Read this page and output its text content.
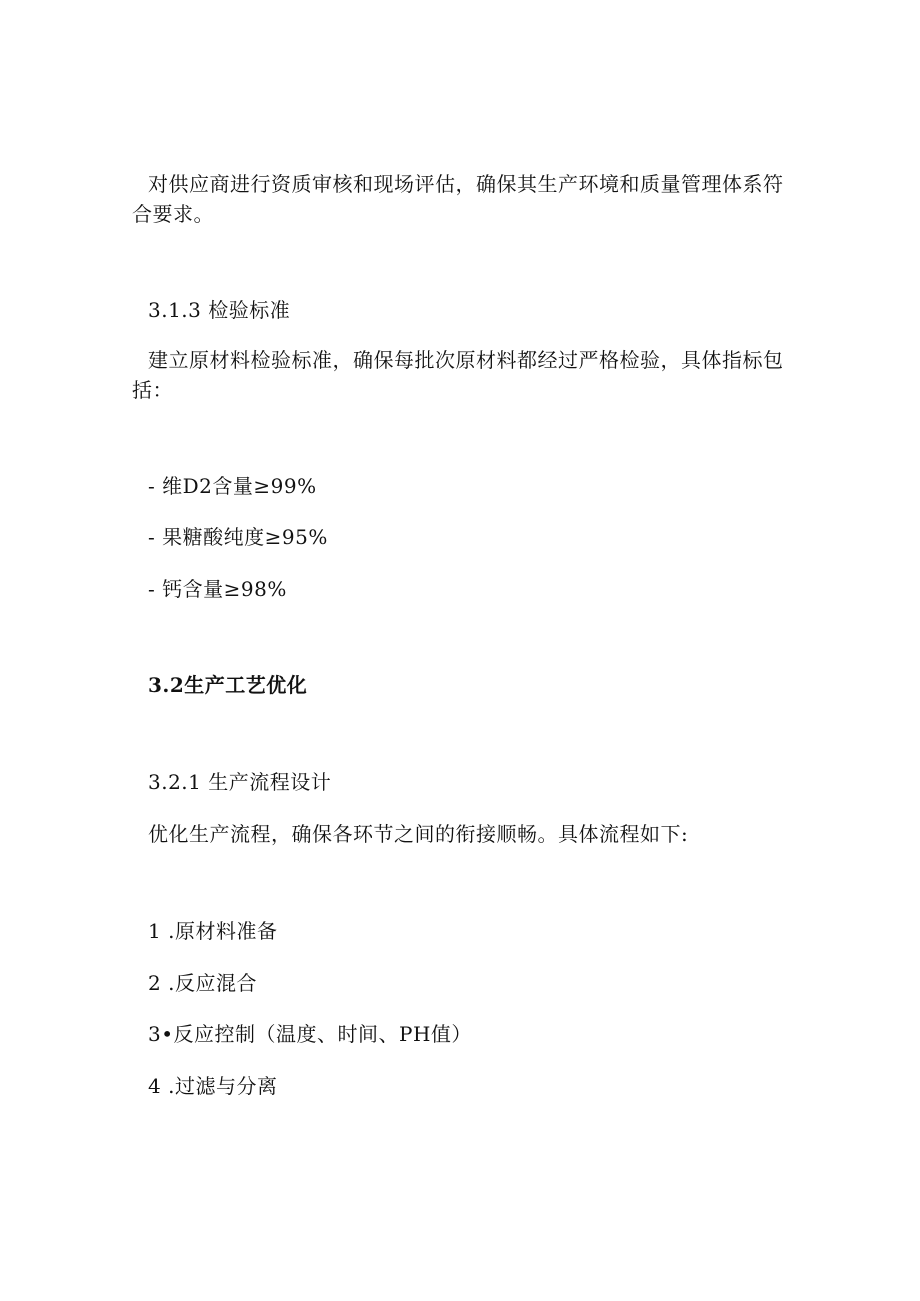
对供应商进行资质审核和现场评估，确保其生产环境和质量管理体系符
合要求。
3.1.3 检验标准
建立原材料检验标准，确保每批次原材料都经过严格检验，具体指标包
括：
- 维D2含量≥99%
- 果糖酸纯度≥95%
- 钙含量≥98%
3.2生产工艺优化
3.2.1 生产流程设计
优化生产流程，确保各环节之间的衔接顺畅。具体流程如下:
1 .原材料准备
2 .反应混合
3•反应控制（温度、时间、PH值）
4 .过滤与分离
